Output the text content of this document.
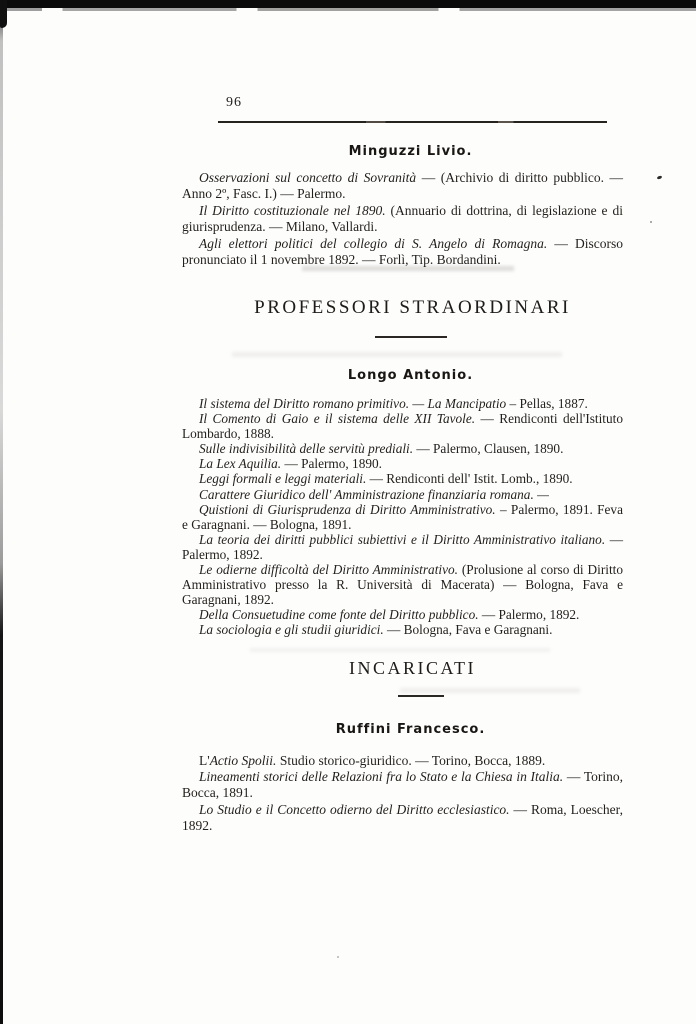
96
Minguzzi Livio.

Osservazioni sul concetto di Sovranità — (Archivio di diritto pubblico. — Anno 2º, Fasc. I.) — Palermo.

Il Diritto costituzionale nel 1890. (Annuario di dottrina, di legislazione e di giurisprudenza. — Milano, Vallardi.

Agli elettori politici del collegio di S. Angelo di Romagna. — Discorso pronunciato il 1 novembre 1892. — Forlì, Tip. Bordandini.

PROFESSORI STRAORDINARI
Longo Antonio.

Il sistema del Diritto romano primitivo. — La Mancipatio – Pellas, 1887.

Il Comento di Gaio e il sistema delle XII Tavole. — Rendiconti dell'Istituto Lombardo, 1888.

Sulle indivisibilità delle servitù prediali. — Palermo, Clausen, 1890.

La Lex Aquilia. — Palermo, 1890.

Leggi formali e leggi materiali. — Rendiconti dell' Istit. Lomb., 1890.

Carattere Giuridico dell' Amministrazione finanziaria romana. —

Quistioni di Giurisprudenza di Diritto Amministrativo. – Palermo, 1891. Feva e Garagnani. — Bologna, 1891.

La teoria dei diritti pubblici subiettivi e il Diritto Amministrativo italiano. — Palermo, 1892.

Le odierne difficoltà del Diritto Amministrativo. (Prolusione al corso di Diritto Amministrativo presso la R. Università di Macerata) — Bologna, Fava e Garagnani, 1892.

Della Consuetudine come fonte del Diritto pubblico. — Palermo, 1892.

La sociologia e gli studii giuridici. — Bologna, Fava e Garagnani.

INCARICATI
Ruffini Francesco.

L'Actio Spolii. Studio storico-giuridico. — Torino, Bocca, 1889.

Lineamenti storici delle Relazioni fra lo Stato e la Chiesa in Italia. — Torino, Bocca, 1891.

Lo Studio e il Concetto odierno del Diritto ecclesiastico. — Roma, Loescher, 1892.
